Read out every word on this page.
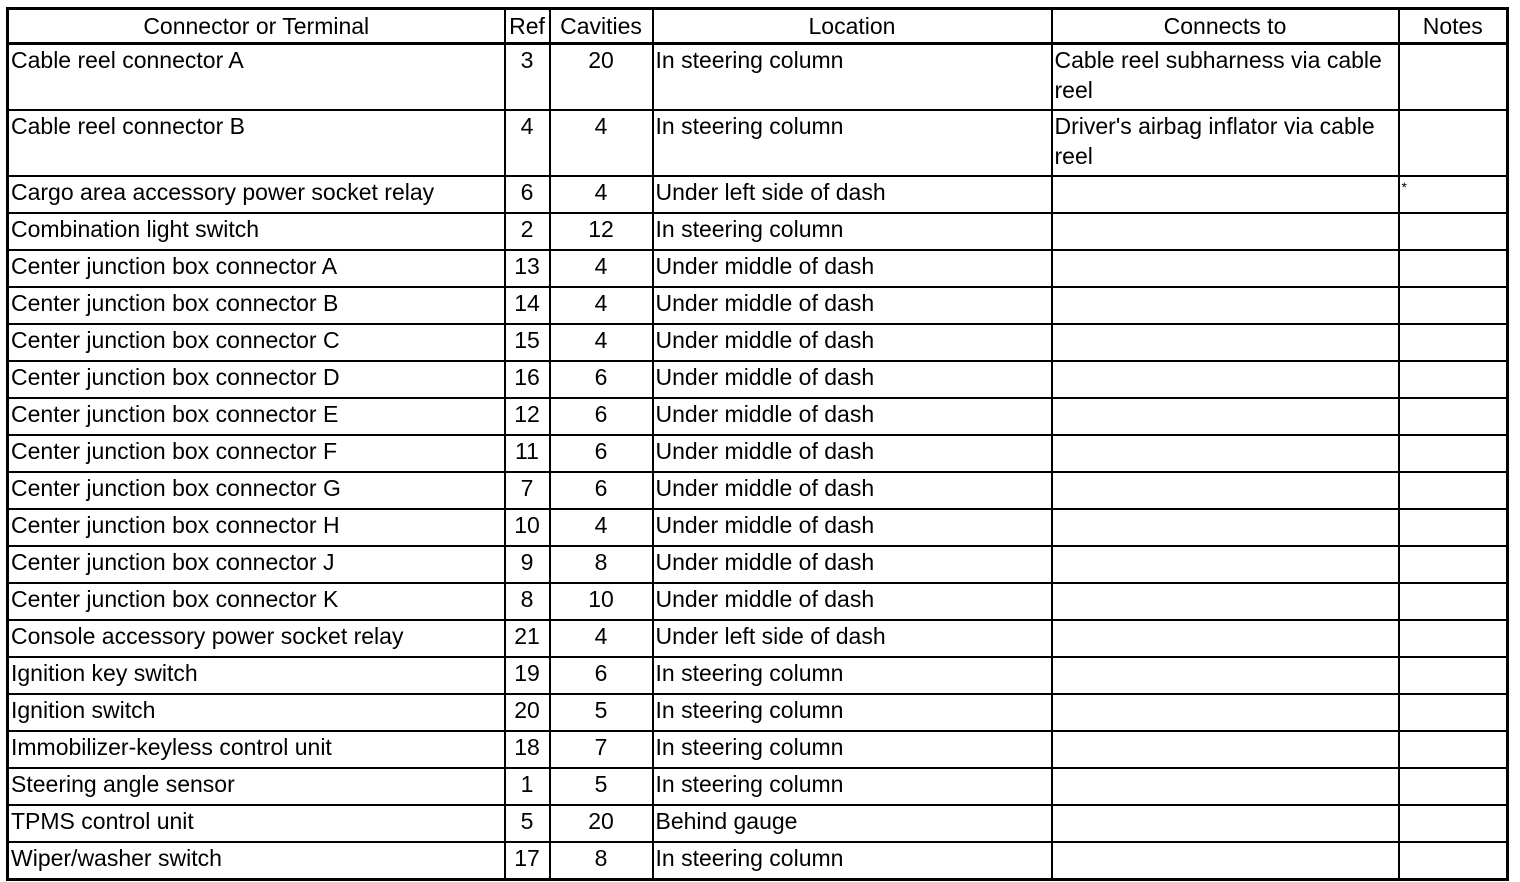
Connector or Terminal	Ref	Cavities	Location	Connects to	Notes
Cable reel connector A	3	20	In steering column	Cable reel subharness via cable reel	
Cable reel connector B	4	4	In steering column	Driver's airbag inflator via cable reel	
Cargo area accessory power socket relay	6	4	Under left side of dash		*
Combination light switch	2	12	In steering column		
Center junction box connector A	13	4	Under middle of dash		
Center junction box connector B	14	4	Under middle of dash		
Center junction box connector C	15	4	Under middle of dash		
Center junction box connector D	16	6	Under middle of dash		
Center junction box connector E	12	6	Under middle of dash		
Center junction box connector F	11	6	Under middle of dash		
Center junction box connector G	7	6	Under middle of dash		
Center junction box connector H	10	4	Under middle of dash		
Center junction box connector J	9	8	Under middle of dash		
Center junction box connector K	8	10	Under middle of dash		
Console accessory power socket relay	21	4	Under left side of dash		
Ignition key switch	19	6	In steering column		
Ignition switch	20	5	In steering column		
Immobilizer-keyless control unit	18	7	In steering column		
Steering angle sensor	1	5	In steering column		
TPMS control unit	5	20	Behind gauge		
Wiper/washer switch	17	8	In steering column		
